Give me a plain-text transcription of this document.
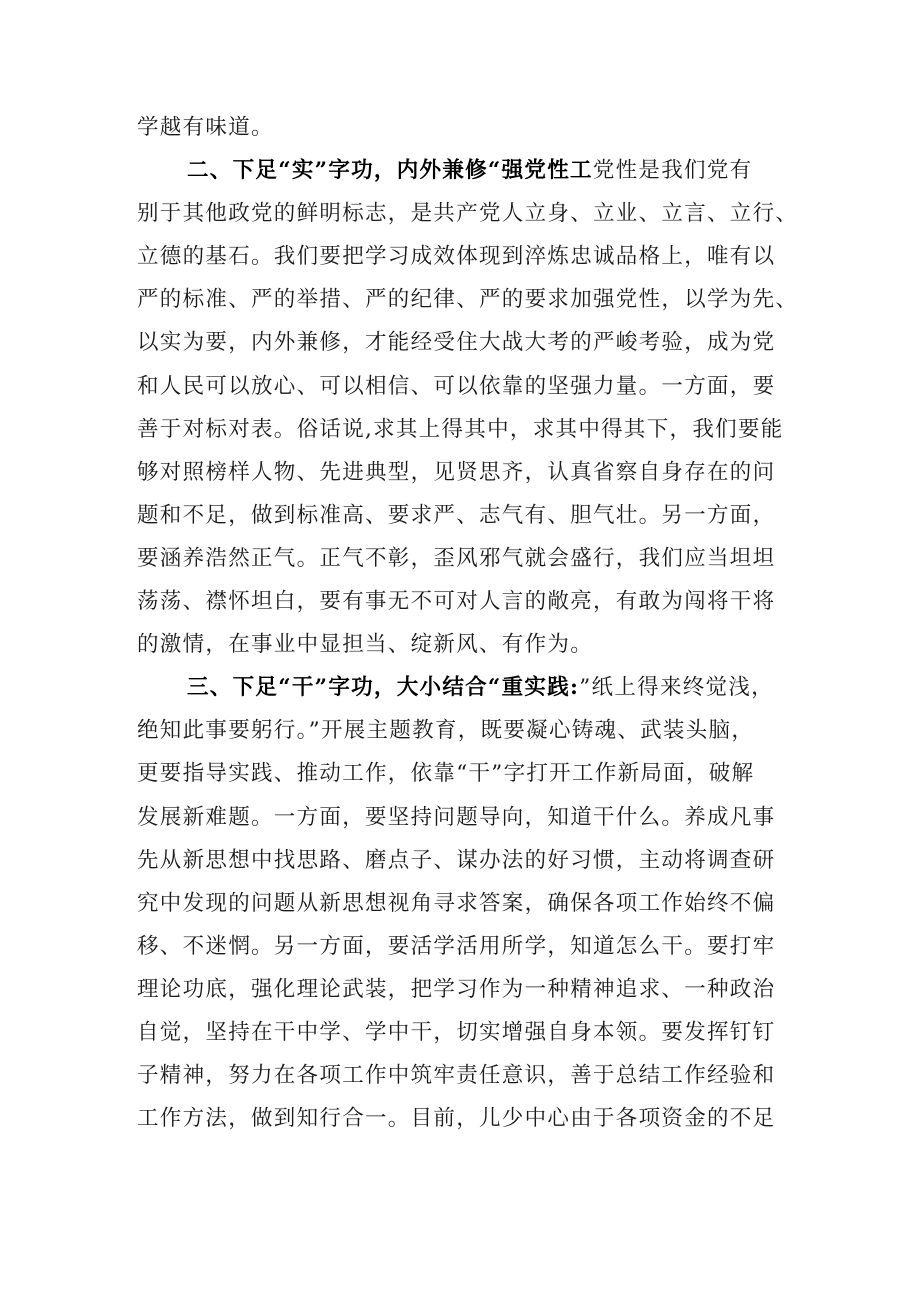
学越有味道。
二、下足“实”字功，内外兼修“强党性工党性是我们党有
别于其他政党的鲜明标志，是共产党人立身、立业、立言、立行、
立德的基石。我们要把学习成效体现到淬炼忠诚品格上，唯有以
严的标准、严的举措、严的纪律、严的要求加强党性，以学为先、
以实为要，内外兼修，才能经受住大战大考的严峻考验，成为党
和人民可以放心、可以相信、可以依靠的坚强力量。一方面，要
善于对标对表。俗话说,求其上得其中，求其中得其下，我们要能
够对照榜样人物、先进典型，见贤思齐，认真省察自身存在的问
题和不足，做到标准高、要求严、志气有、胆气壮。另一方面，
要涵养浩然正气。正气不彰，歪风邪气就会盛行，我们应当坦坦
荡荡、襟怀坦白，要有事无不可对人言的敞亮，有敢为闯将干将
的激情，在事业中显担当、绽新风、有作为。
三、下足“干”字功，大小结合“重实践:”纸上得来终觉浅，
绝知此事要躬行。”开展主题教育，既要凝心铸魂、武装头脑，
更要指导实践、推动工作，依靠“干”字打开工作新局面，破解
发展新难题。一方面，要坚持问题导向，知道干什么。养成凡事
先从新思想中找思路、磨点子、谋办法的好习惯，主动将调查研
究中发现的问题从新思想视角寻求答案，确保各项工作始终不偏
移、不迷惘。另一方面，要活学活用所学，知道怎么干。要打牢
理论功底，强化理论武装，把学习作为一种精神追求、一种政治
自觉，坚持在干中学、学中干，切实增强自身本领。要发挥钉钉
子精神，努力在各项工作中筑牢责任意识，善于总结工作经验和
工作方法，做到知行合一。目前，儿少中心由于各项资金的不足
